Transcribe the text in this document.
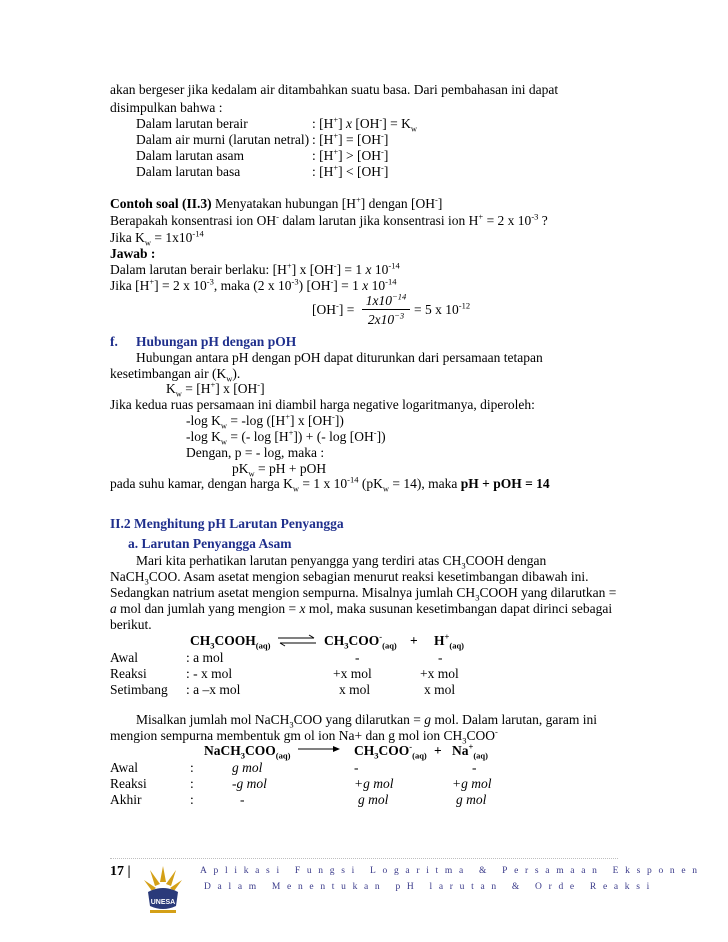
akan bergeser jika kedalam air ditambahkan suatu basa. Dari pembahasan ini dapat
disimpulkan bahwa :
Dalam larutan berair	: [H+] x $[OH^-] = K_w$
Dalam air murni (larutan netral) : [H+] = [OH-]
Dalam larutan asam	: [H+] > [OH-]
Dalam larutan basa	: [H+] < [OH-]
Contoh soal (II.3) Menyatakan hubungan [H+] dengan [OH-]
Berapakah konsentrasi ion OH- dalam larutan jika konsentrasi ion H+ = 2 x $10^{-3}$ ?
Jika $K_w = 1x10^{-14}$
Jawab :
Dalam larutan berair berlaku: [H+] x [OH-] = 1 x $10^{-14}$
Jika [H+] = 2 x $10^{-3}$, maka (2 x $10^{-3}$) [OH-] = 1 x $10^{-14}$
[OH-] =
$1x10^{-14}$
$2x10^{-3} = 5$ x $10^{-12}$
f. Hubungan pH dengan pOH
Hubungan antara pH dengan pOH dapat diturunkan dari persamaan tetapan
kesetimbangan air $(K_w)$.
$K_w = [H^+]$ x [OH-]
Jika kedua ruas persamaan ini diambil harga negative logaritmanya, diperoleh:
-log $K_w = -\log$ ([H+] x [OH-])
-log $K_w$ = (- log [H+]) + (- log [OH-])
Dengan, p = - log, maka :
$pK_w$ = pH + pOH
pada suhu kamar, dengan harga $K_w = 1$ x $10^{-14}$ $(pK_w = 14)$, maka pH + pOH = 14
II.2 Menghitung pH Larutan Penyangga
a. Larutan Penyangga Asam
Mari kita perhatikan larutan penyangga yang terdiri atas $CH_3COOH$ dengan
NaCH$_3$COO. Asam asetat mengion sebagian menurut reaksi kesetimbangan dibawah ini.
Sedangkan natrium asetat mengion sempurna. Misalnya jumlah $CH_3COOH$ yang dilarutkan =
a mol dan jumlah yang mengion = x mol, maka susunan kesetimbangan dapat dirinci sebagai
berikut.
$CH_3COOH_{(aq)}$ ⇌ $CH_3COO^-_{(aq)} + H^+_{(aq)}$
Awal	: a mol	-	-
Reaksi	: - x mol	+x mol	+x mol
Setimbang : a –x mol	x mol	x mol
Misalkan jumlah mol NaCH$_3$COO yang dilarutkan = g mol. Dalam larutan, garam ini
mengion sempurna membentuk gm ol ion Na+ dan g mol ion $CH_3COO^-$
$NaCH_3COO_{(aq)} \to CH_3COO^-_{(aq)} + Na^+_{(aq)}$
Awal	:	g mol	-	-
Reaksi	:	-g mol	+g mol	+g mol
Akhir	:	-	g mol	g mol
17 |
UNESA
Aplikasi Fungsi Logaritma & Persamaan Eksponen
Dalam Menentukan pH larutan & Orde Reaksi
